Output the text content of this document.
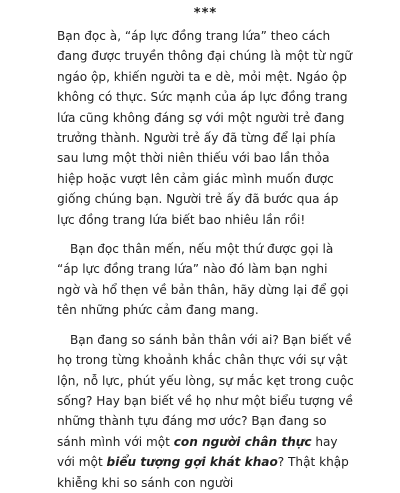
***

Bạn đọc à, “áp lực đồng trang lứa” theo cách đang được truyền thông đại chúng là một từ ngữ ngáo ộp, khiến người ta e dè, mỏi mệt. Ngáo ộp không có thực. Sức mạnh của áp lực đồng trang lứa cũng không đáng sợ với một người trẻ đang trưởng thành. Người trẻ ấy đã từng để lại phía sau lưng một thời niên thiếu với bao lần thỏa hiệp hoặc vượt lên cảm giác mình muốn được giống chúng bạn. Người trẻ ấy đã bước qua áp lực đồng trang lứa biết bao nhiêu lần rồi!

Bạn đọc thân mến, nếu một thứ được gọi là “áp lực đồng trang lứa” nào đó làm bạn nghi ngờ và hổ thẹn về bản thân, hãy dừng lại để gọi tên những phức cảm đang mang.

Bạn đang so sánh bản thân với ai? Bạn biết về họ trong từng khoảnh khắc chân thực với sự vật lộn, nỗ lực, phút yếu lòng, sự mắc kẹt trong cuộc sống? Hay bạn biết về họ như một biểu tượng về những thành tựu đáng mơ ước? Bạn đang so sánh mình với một con người chân thực hay với một biểu tượng gợi khát khao? Thật khập khiễng khi so sánh con người
